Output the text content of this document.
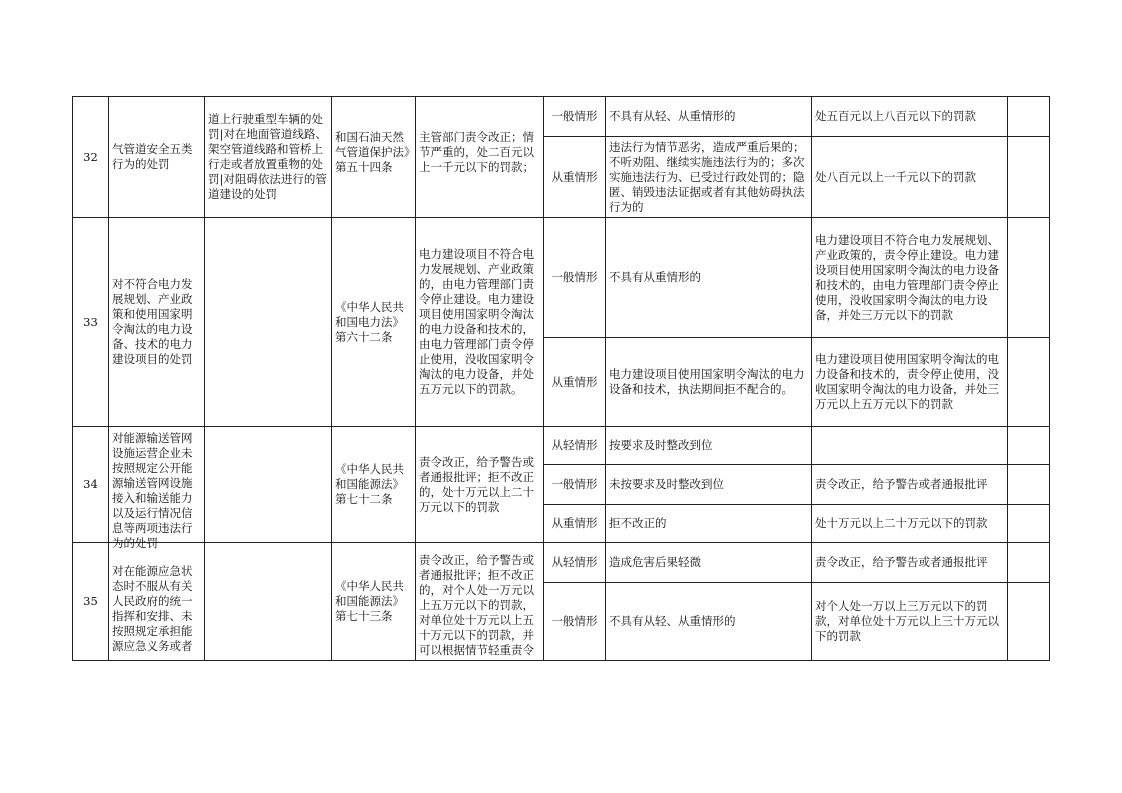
32	气管道安全五类行为的处罚	道上行驶重型车辆的处罚|对在地面管道线路、架空管道线路和管桥上行走或者放置重物的处罚|对阻碍依法进行的管道建设的处罚	和国石油天然气管道保护法》第五十四条	主管部门责令改正；情节严重的，处二百元以上一千元以下的罚款；	一般情形	不具有从轻、从重情形的	处五百元以上八百元以下的罚款	
					从重情形	违法行为情节恶劣，造成严重后果的；不听劝阻、继续实施违法行为的；多次实施违法行为、已受过行政处罚的；隐匿、销毁违法证据或者有其他妨碍执法行为的	处八百元以上一千元以下的罚款	
33	对不符合电力发展规划、产业政策和使用国家明令淘汰的电力设备、技术的电力建设项目的处罚		《中华人民共和国电力法》第六十二条	电力建设项目不符合电力发展规划、产业政策的，由电力管理部门责令停止建设。电力建设项目使用国家明令淘汰的电力设备和技术的，由电力管理部门责令停止使用，没收国家明令淘汰的电力设备，并处五万元以下的罚款。	一般情形	不具有从重情形的	电力建设项目不符合电力发展规划、产业政策的，责令停止建设。电力建设项目使用国家明令淘汰的电力设备和技术的，由电力管理部门责令停止使用，没收国家明令淘汰的电力设备，并处三万元以下的罚款	
					从重情形	电力建设项目使用国家明令淘汰的电力设备和技术，执法期间拒不配合的。	电力建设项目使用国家明令淘汰的电力设备和技术的，责令停止使用，没收国家明令淘汰的电力设备，并处三万元以上五万元以下的罚款	
34	对能源输送管网设施运营企业未按照规定公开能源输送管网设施接入和输送能力以及运行情况信息等两项违法行为的处罚		《中华人民共和国能源法》第七十二条	责令改正，给予警告或者通报批评；拒不改正的，处十万元以上二十万元以下的罚款	从轻情形	按要求及时整改到位		
					一般情形	未按要求及时整改到位	责令改正，给予警告或者通报批评	
					从重情形	拒不改正的	处十万元以上二十万元以下的罚款	
35	对在能源应急状态时不服从有关人民政府的统一指挥和安排、未按照规定承担能源应急义务或者		《中华人民共和国能源法》第七十三条	责令改正，给予警告或者通报批评；拒不改正的，对个人处一万元以上五万元以下的罚款，对单位处十万元以上五十万元以下的罚款，并可以根据情节轻重责令	从轻情形	造成危害后果轻微	责令改正，给予警告或者通报批评	
					一般情形	不具有从轻、从重情形的	对个人处一万以上三万元以下的罚款，对单位处十万元以上三十万元以下的罚款	
